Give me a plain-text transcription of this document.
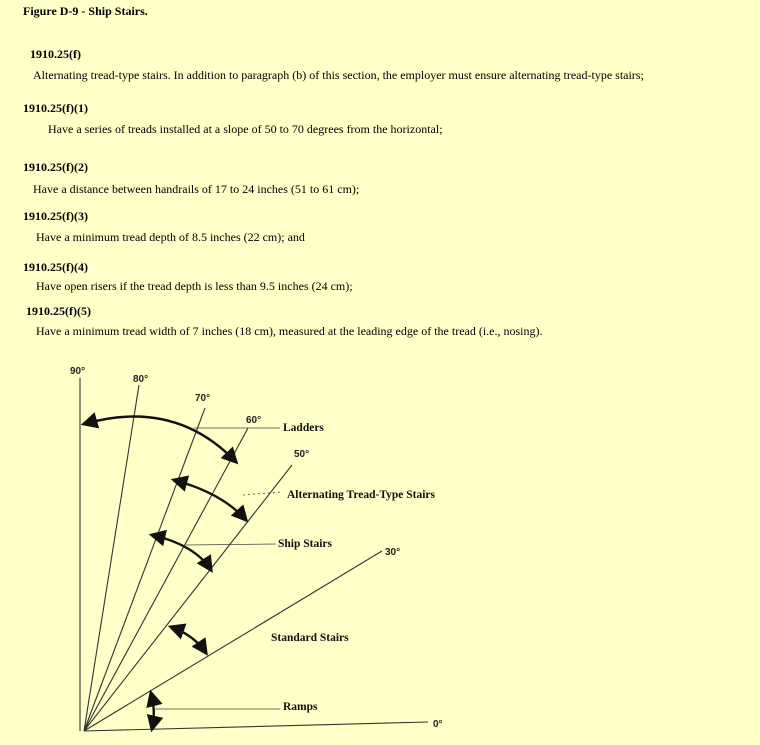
Figure D-9 - Ship Stairs.
1910.25(f)
Alternating tread-type stairs. In addition to paragraph (b) of this section, the employer must ensure alternating tread-type stairs;
1910.25(f)(1)
Have a series of treads installed at a slope of 50 to 70 degrees from the horizontal;
1910.25(f)(2)
Have a distance between handrails of 17 to 24 inches (51 to 61 cm);
1910.25(f)(3)
Have a minimum tread depth of 8.5 inches (22 cm); and
1910.25(f)(4)
Have open risers if the tread depth is less than 9.5 inches (24 cm);
1910.25(f)(5)
Have a minimum tread width of 7 inches (18 cm), measured at the leading edge of the tread (i.e., nosing).
90°
80°
70°
60°
50°
30°
0°
Ladders
Alternating Tread-Type Stairs
Ship Stairs
Standard Stairs
Ramps
